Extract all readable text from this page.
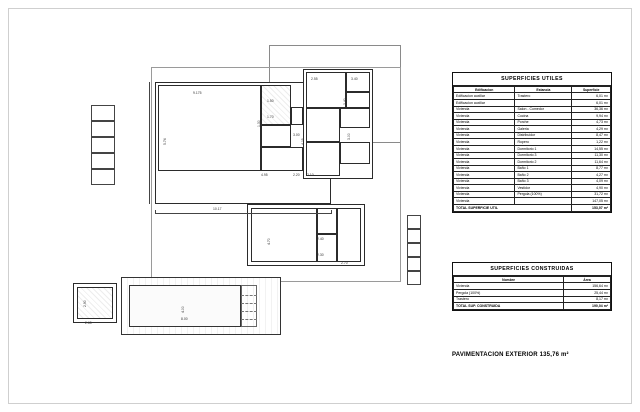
9.175
5.74
10.17
1.50
1.70
3.00
4.95	2.20 2.10
1.30
2.55	3.40
3.40
3.00
4.05
2.40
4.70
2.70
2.30
4.00
8.00
2.90
2.65
SUPERFICIES UTILES
Edificacion	Estancia	Superficie
Edificacion auxiliar	Trastero	6,01 m²
Edificacion auxiliar		6,01 m²
Vivienda	Salon - Comedor	36,36 m²
Vivienda	Cocina	9,94 m²
Vivienda	Porche	4,73 m²
Vivienda	Galeria	4,29 m²
Vivienda	Distribuidor	8,47 m²
Vivienda	Ropero	1,22 m²
Vivienda	Dormitorio 1	14,55 m²
Vivienda	Dormitorio 3	11,30 m²
Vivienda	Dormitorio 2	11,64 m²
Vivienda	Baño 1	8,77 m²
Vivienda	Baño 2	4,27 m²
Vivienda	Baño 3	4,09 m²
Vivienda	Vestidor	4,90 m²
Vivienda	Pergola (100%)	31,72 m²
Vivienda		147,05 m²
TOTAL SUPERFICIE UTIL		153,07 m²
SUPERFICIES CONSTRUIDAS
Nombre	Área
Vivienda	156,64 m²
Pergola (100%)	25,44 m²
Trastero	8,17 m²
TOTAL SUP. CONSTRUIDA	190,04 m²
PAVIMENTACION EXTERIOR 135,76 m²
